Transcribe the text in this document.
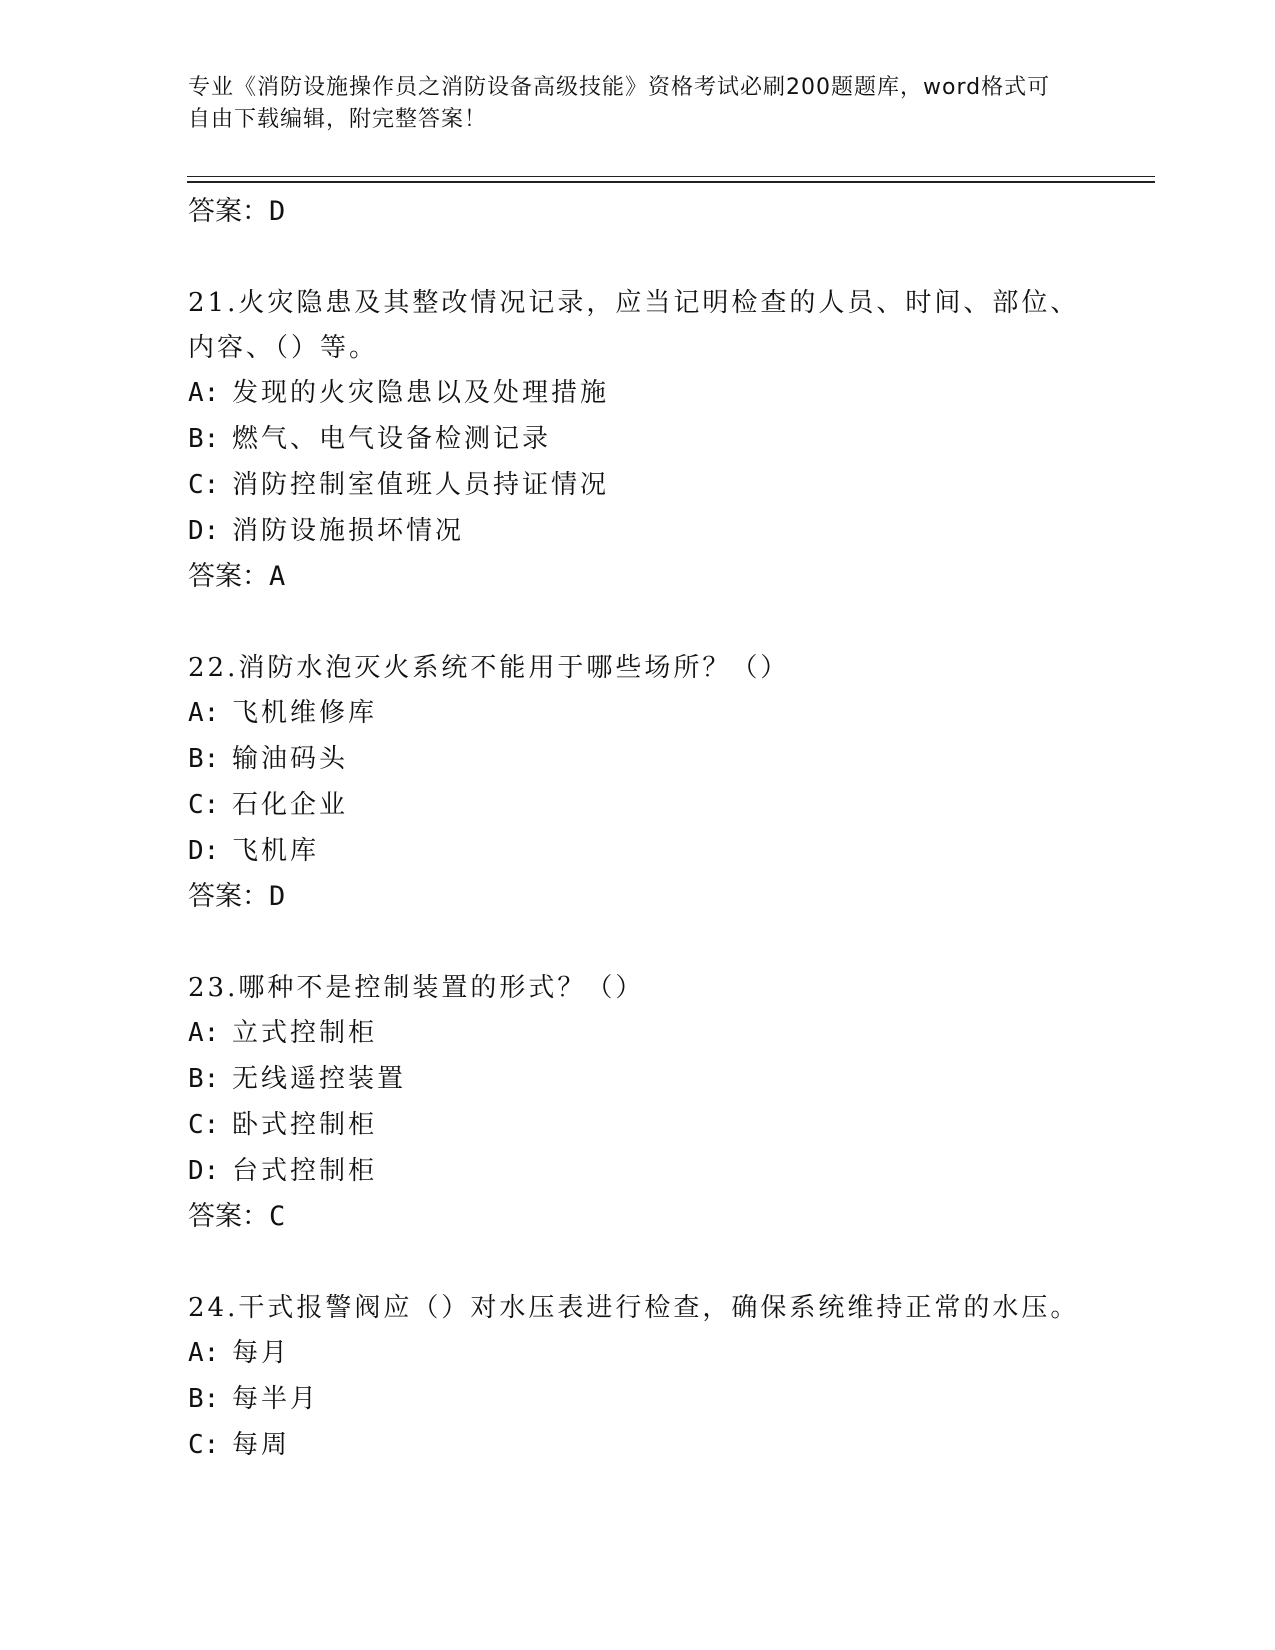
专业《消防设施操作员之消防设备高级技能》资格考试必刷200题题库，word格式可自由下载编辑，附完整答案！

答案：D

21.火灾隐患及其整改情况记录，应当记明检查的人员、时间、部位、内容、（）等。

A: 发现的火灾隐患以及处理措施

B: 燃气、电气设备检测记录

C: 消防控制室值班人员持证情况

D: 消防设施损坏情况

答案：A

22.消防水泡灭火系统不能用于哪些场所？（）

A: 飞机维修库

B: 输油码头

C: 石化企业

D: 飞机库

答案：D

23.哪种不是控制装置的形式？（）

A: 立式控制柜

B: 无线遥控装置

C: 卧式控制柜

D: 台式控制柜

答案：C

24.干式报警阀应（）对水压表进行检查，确保系统维持正常的水压。

A: 每月

B: 每半月

C: 每周
